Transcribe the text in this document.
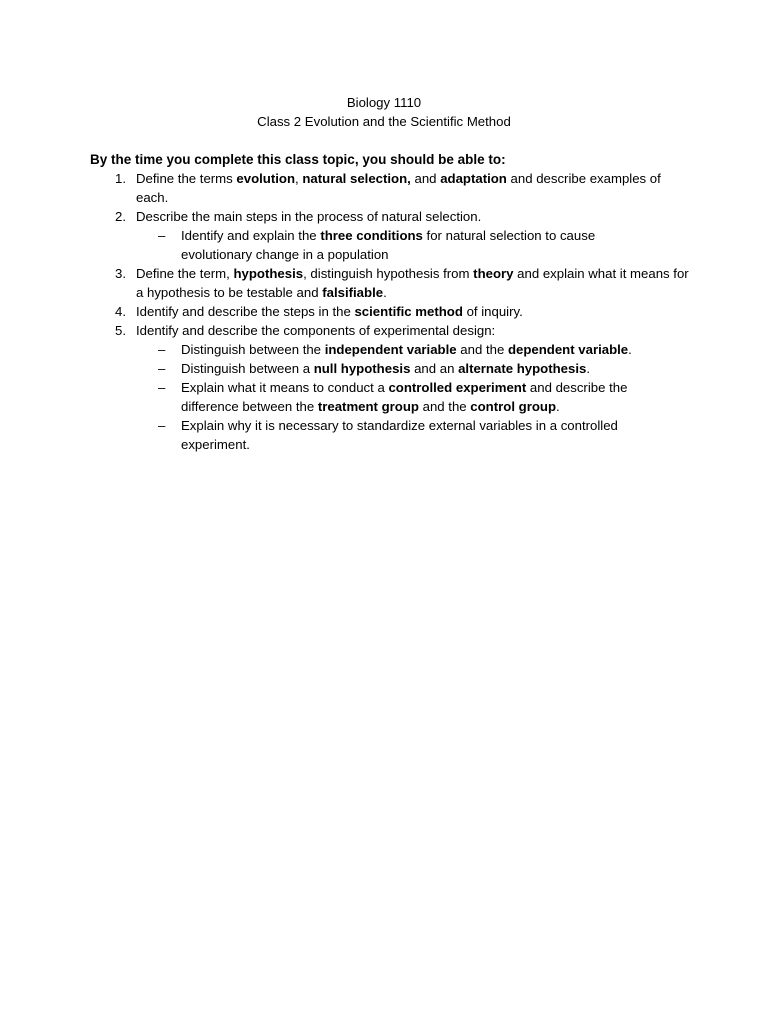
Biology 1110
Class 2 Evolution and the Scientific Method
By the time you complete this class topic, you should be able to:
1. Define the terms evolution, natural selection, and adaptation and describe examples of each.
2. Describe the main steps in the process of natural selection.
– Identify and explain the three conditions for natural selection to cause evolutionary change in a population
3. Define the term, hypothesis, distinguish hypothesis from theory and explain what it means for a hypothesis to be testable and falsifiable.
4. Identify and describe the steps in the scientific method of inquiry.
5. Identify and describe the components of experimental design:
– Distinguish between the independent variable and the dependent variable.
– Distinguish between a null hypothesis and an alternate hypothesis.
– Explain what it means to conduct a controlled experiment and describe the difference between the treatment group and the control group.
– Explain why it is necessary to standardize external variables in a controlled experiment.
